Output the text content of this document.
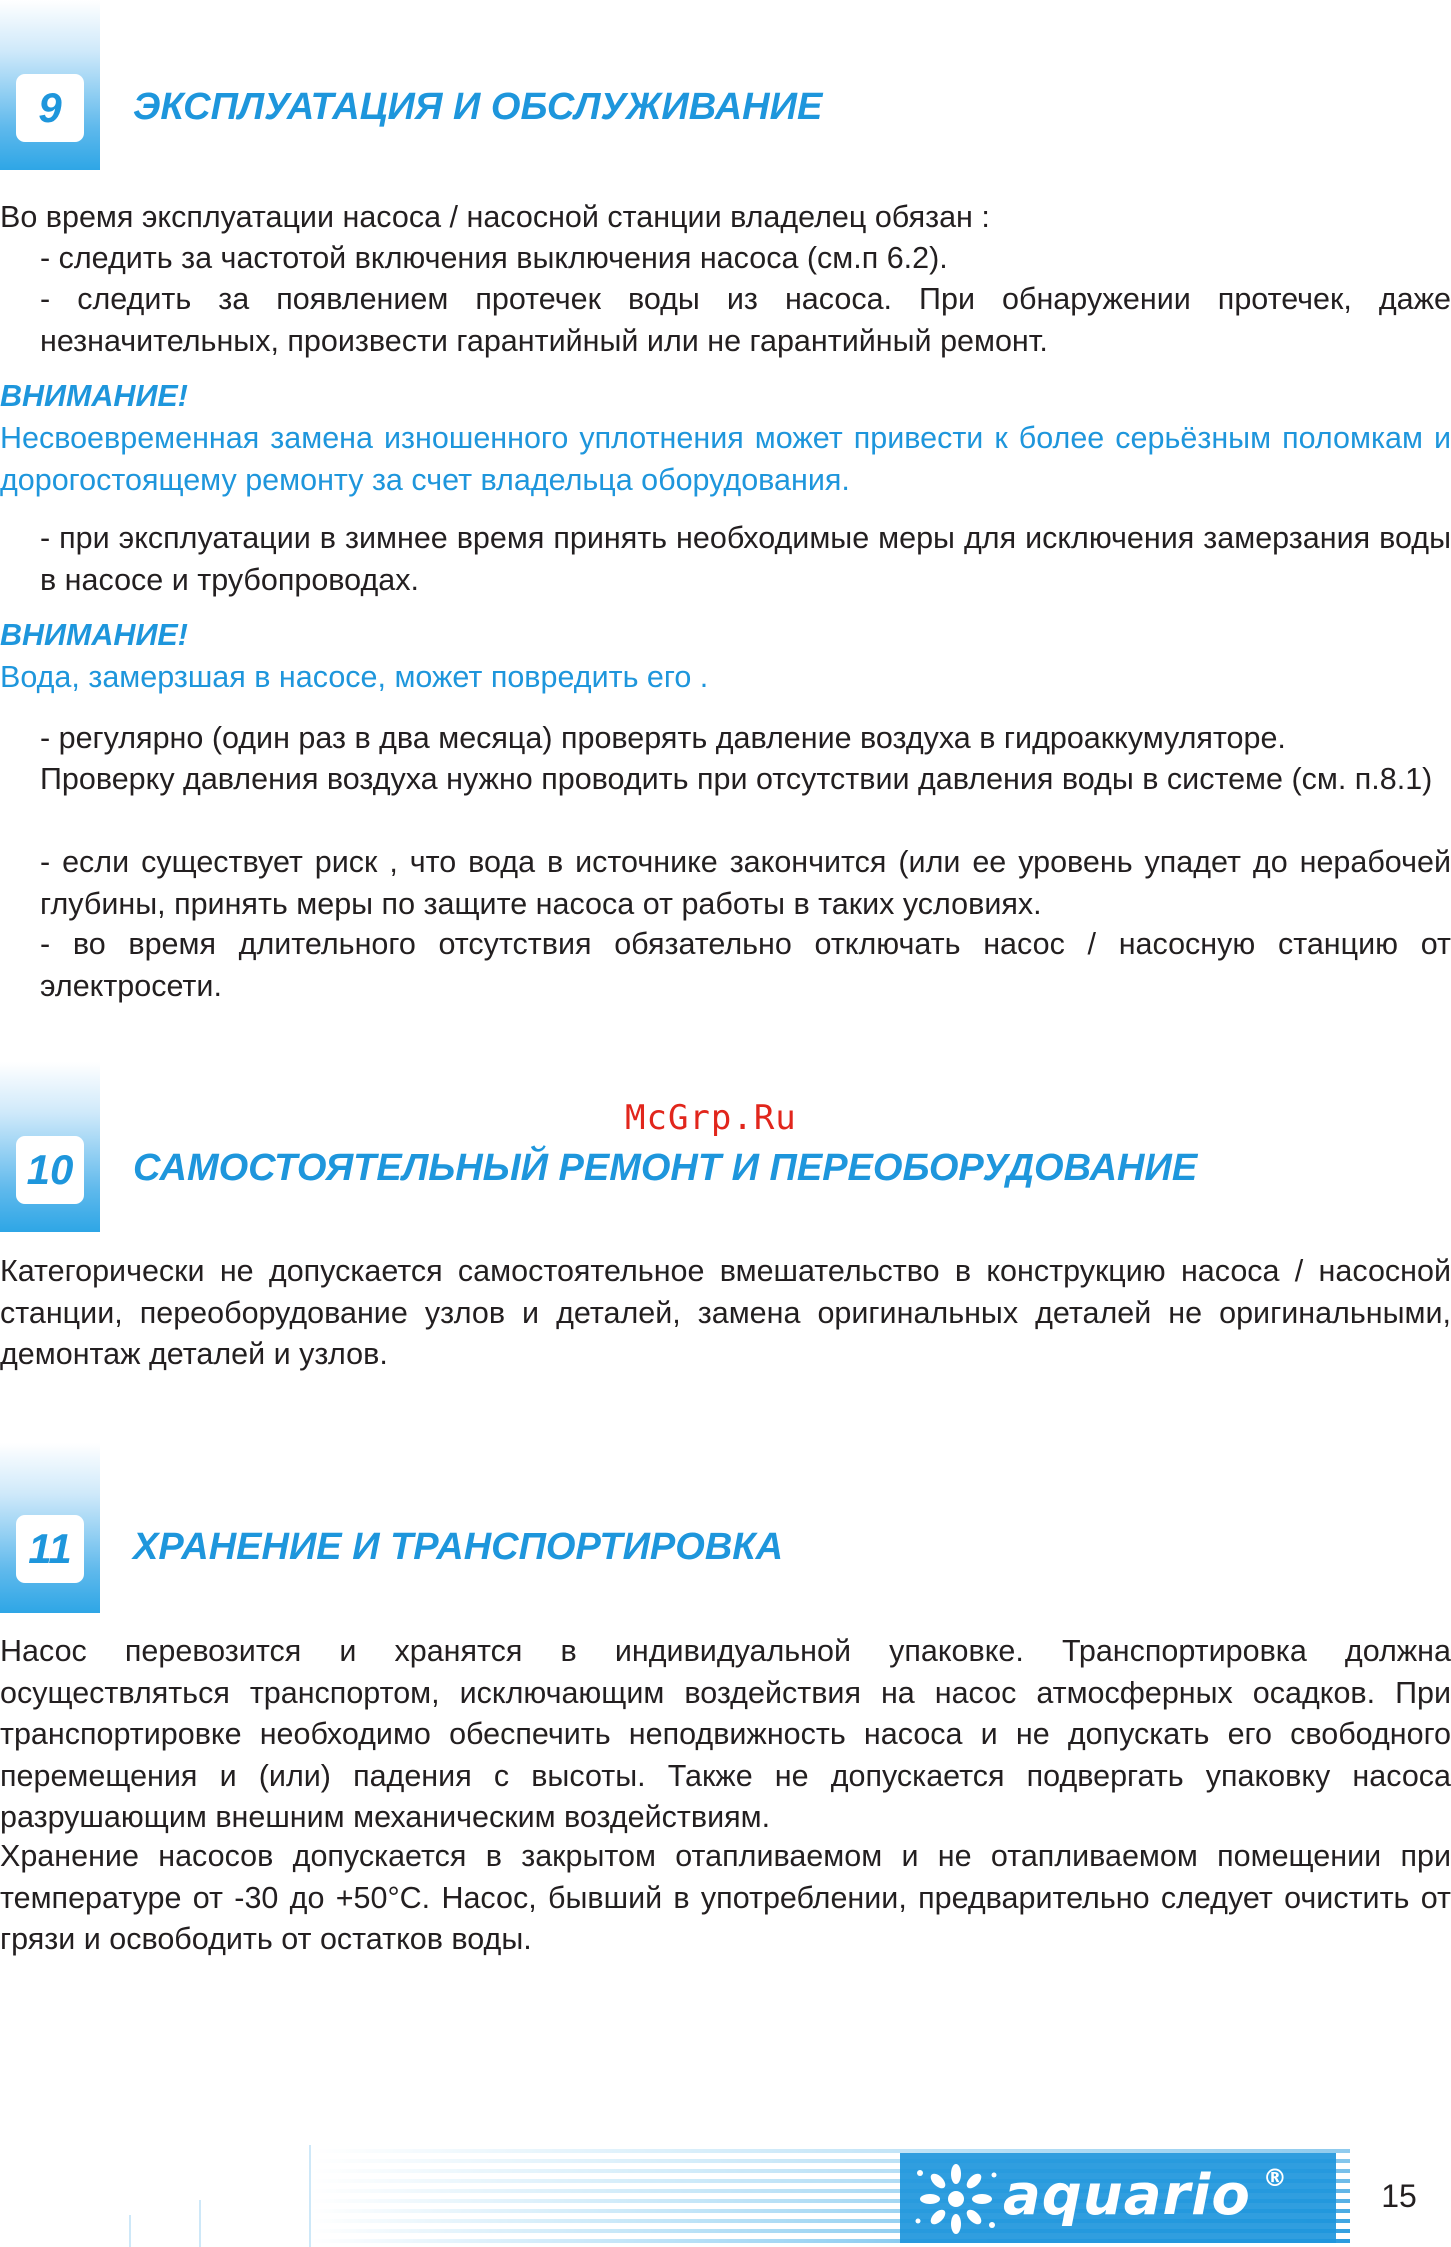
9	ЭКСПЛУАТАЦИЯ И ОБСЛУЖИВАНИЕ

Во время эксплуатации насоса / насосной станции владелец обязан :

- следить за частотой включения выключения насоса (см.п 6.2).

- следить за появлением протечек воды из насоса. При обнаружении протечек, даже незначительных, произвести гарантийный или не гарантийный ремонт.

ВНИМАНИЕ!

Несвоевременная замена изношенного уплотнения может привести к более серьёзным поломкам и дорогостоящему ремонту за счет владельца оборудования.

- при эксплуатации в зимнее время принять необходимые меры для исключения замерзания воды в насосе и трубопроводах.

ВНИМАНИЕ!

Вода, замерзшая в насосе, может повредить его .

- регулярно (один раз в два месяца) проверять давление воздуха в гидроаккумуляторе.

Проверку давления воздуха нужно проводить при отсутствии давления воды в системе (см. п.8.1)

- если существует риск , что вода в источнике закончится (или ее уровень упадет до нерабочей глубины, принять меры по защите насоса от работы в таких условиях.

- во время длительного отсутствия обязательно отключать насос / насосную станцию от электросети.

McGrp.Ru
10 САМОСТОЯТЕЛЬНЫЙ РЕМОНТ И ПЕРЕОБОРУДОВАНИЕ

Категорически не допускается самостоятельное вмешательство в конструкцию насоса / насосной станции, переоборудование узлов и деталей, замена оригинальных деталей не оригинальными, демонтаж деталей и узлов.

11	ХРАНЕНИЕ И ТРАНСПОРТИРОВКА

Насос перевозится и хранятся в индивидуальной упаковке. Транспортировка должна осуществляться транспортом, исключающим воздействия на насос атмосферных осадков. При транспортировке необходимо обеспечить неподвижность насоса и не допускать его свободного перемещения и (или) падения с высоты. Также не допускается подвергать упаковку насоса разрушающим внешним механическим воздействиям.

Хранение насосов допускается в закрытом отапливаемом и не отапливаемом помещении при температуре от -30 до +50°C. Насос, бывший в употреблении, предварительно следует очистить от грязи и освободить от остатков воды.

aquario ®	15
